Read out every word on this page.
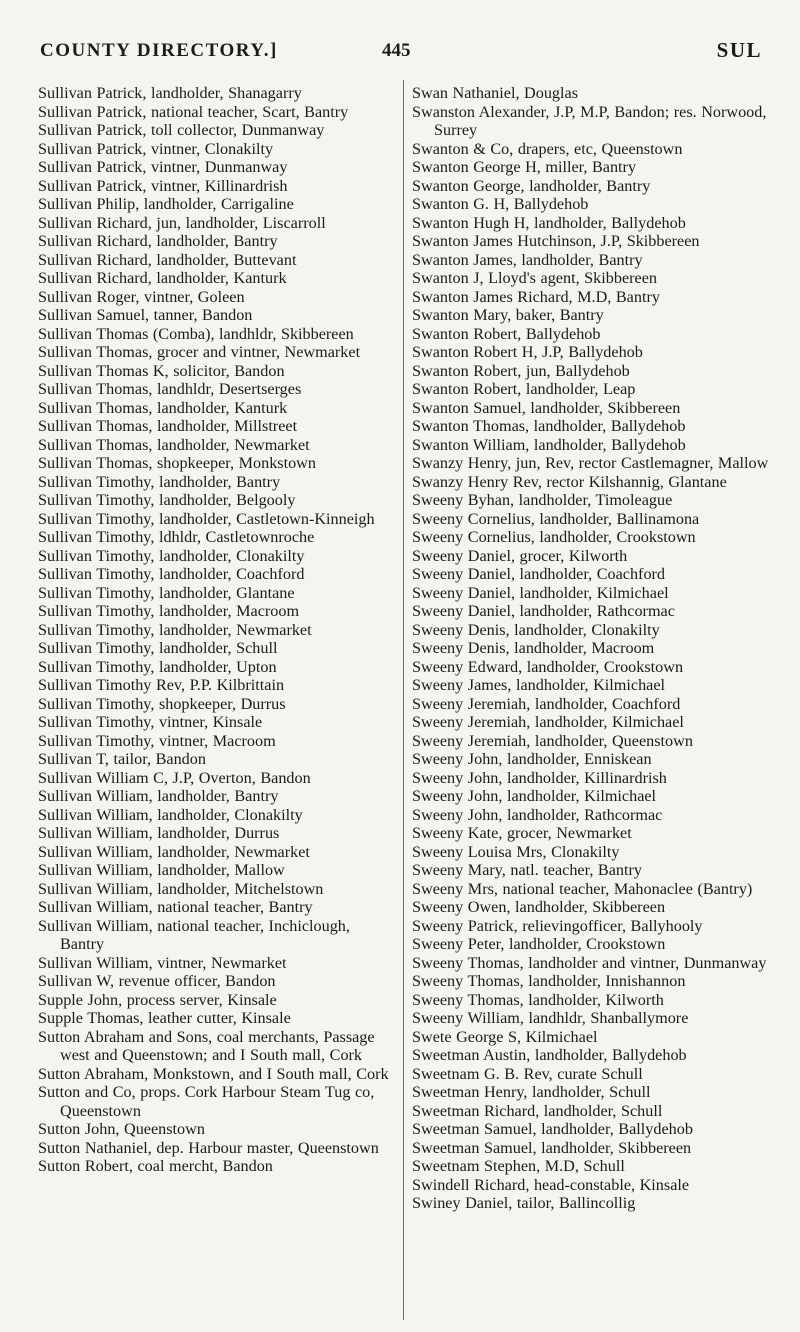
COUNTY DIRECTORY.]	445	SUL
Sullivan Patrick, landholder, Shanagarry
Sullivan Patrick, national teacher, Scart, Bantry
Sullivan Patrick, toll collector, Dunmanway
Sullivan Patrick, vintner, Clonakilty
Sullivan Patrick, vintner, Dunmanway
Sullivan Patrick, vintner, Killinardrish
Sullivan Philip, landholder, Carrigaline
Sullivan Richard, jun, landholder, Liscarroll
Sullivan Richard, landholder, Bantry
Sullivan Richard, landholder, Buttevant
Sullivan Richard, landholder, Kanturk
Sullivan Roger, vintner, Goleen
Sullivan Samuel, tanner, Bandon
Sullivan Thomas (Comba), landhldr, Skibbereen
Sullivan Thomas, grocer and vintner, Newmarket
Sullivan Thomas K, solicitor, Bandon
Sullivan Thomas, landhldr, Desertserges
Sullivan Thomas, landholder, Kanturk
Sullivan Thomas, landholder, Millstreet
Sullivan Thomas, landholder, Newmarket
Sullivan Thomas, shopkeeper, Monkstown
Sullivan Timothy, landholder, Bantry
Sullivan Timothy, landholder, Belgooly
Sullivan Timothy, landholder, Castletown-Kinneigh
Sullivan Timothy, ldhldr, Castletownroche
Sullivan Timothy, landholder, Clonakilty
Sullivan Timothy, landholder, Coachford
Sullivan Timothy, landholder, Glantane
Sullivan Timothy, landholder, Macroom
Sullivan Timothy, landholder, Newmarket
Sullivan Timothy, landholder, Schull
Sullivan Timothy, landholder, Upton
Sullivan Timothy Rev, P.P. Kilbrittain
Sullivan Timothy, shopkeeper, Durrus
Sullivan Timothy, vintner, Kinsale
Sullivan Timothy, vintner, Macroom
Sullivan T, tailor, Bandon
Sullivan William C, J.P, Overton, Bandon
Sullivan William, landholder, Bantry
Sullivan William, landholder, Clonakilty
Sullivan William, landholder, Durrus
Sullivan William, landholder, Newmarket
Sullivan William, landholder, Mallow
Sullivan William, landholder, Mitchelstown
Sullivan William, national teacher, Bantry
Sullivan William, national teacher, Inchiclough, Bantry
Sullivan William, vintner, Newmarket
Sullivan W, revenue officer, Bandon
Supple John, process server, Kinsale
Supple Thomas, leather cutter, Kinsale
Sutton Abraham and Sons, coal merchants, Passage west and Queenstown; and I South mall, Cork
Sutton Abraham, Monkstown, and I South mall, Cork
Sutton and Co, props. Cork Harbour Steam Tug co, Queenstown
Sutton John, Queenstown
Sutton Nathaniel, dep. Harbour master, Queenstown
Sutton Robert, coal mercht, Bandon
Swan Nathaniel, Douglas
Swanston Alexander, J.P, M.P, Bandon; res. Norwood, Surrey
Swanton & Co, drapers, etc, Queenstown
Swanton George H, miller, Bantry
Swanton George, landholder, Bantry
Swanton G. H, Ballydehob
Swanton Hugh H, landholder, Ballydehob
Swanton James Hutchinson, J.P, Skibbereen
Swanton James, landholder, Bantry
Swanton J, Lloyd's agent, Skibbereen
Swanton James Richard, M.D, Bantry
Swanton Mary, baker, Bantry
Swanton Robert, Ballydehob
Swanton Robert H, J.P, Ballydehob
Swanton Robert, jun, Ballydehob
Swanton Robert, landholder, Leap
Swanton Samuel, landholder, Skibbereen
Swanton Thomas, landholder, Ballydehob
Swanton William, landholder, Ballydehob
Swanzy Henry, jun, Rev, rector Castlemagner, Mallow
Swanzy Henry Rev, rector Kilshannig, Glantane
Sweeny Byhan, landholder, Timoleague
Sweeny Cornelius, landholder, Ballinamona
Sweeny Cornelius, landholder, Crookstown
Sweeny Daniel, grocer, Kilworth
Sweeny Daniel, landholder, Coachford
Sweeny Daniel, landholder, Kilmichael
Sweeny Daniel, landholder, Rathcormac
Sweeny Denis, landholder, Clonakilty
Sweeny Denis, landholder, Macroom
Sweeny Edward, landholder, Crookstown
Sweeny James, landholder, Kilmichael
Sweeny Jeremiah, landholder, Coachford
Sweeny Jeremiah, landholder, Kilmichael
Sweeny Jeremiah, landholder, Queenstown
Sweeny John, landholder, Enniskean
Sweeny John, landholder, Killinardrish
Sweeny John, landholder, Kilmichael
Sweeny John, landholder, Rathcormac
Sweeny Kate, grocer, Newmarket
Sweeny Louisa Mrs, Clonakilty
Sweeny Mary, natl. teacher, Bantry
Sweeny Mrs, national teacher, Mahonaclee (Bantry)
Sweeny Owen, landholder, Skibbereen
Sweeny Patrick, relievingofficer, Ballyhooly
Sweeny Peter, landholder, Crookstown
Sweeny Thomas, landholder and vintner, Dunmanway
Sweeny Thomas, landholder, Innishannon
Sweeny Thomas, landholder, Kilworth
Sweeny William, landhldr, Shanballymore
Swete George S, Kilmichael
Sweetman Austin, landholder, Ballydehob
Sweetnam G. B. Rev, curate Schull
Sweetman Henry, landholder, Schull
Sweetman Richard, landholder, Schull
Sweetman Samuel, landholder, Ballydehob
Sweetman Samuel, landholder, Skibbereen
Sweetnam Stephen, M.D, Schull
Swindell Richard, head-constable, Kinsale
Swiney Daniel, tailor, Ballincollig
